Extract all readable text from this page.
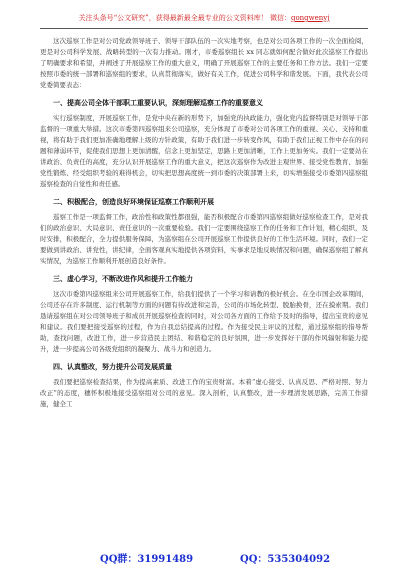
关注头条号“公文研究”，获得最新最全最专业的公文资料库！ 微信：gongwenyj

这次巡察工作是对公司党政领导班子、领导干部队伍的一次实地考察，也是对公司各项工作的一次全面检阅，更是对公司科学发展、战略转型的一次有力推动。刚才，市委巡察组长 xx 同志就如何配合做好此次巡察工作提出了明确要求和希望，并阐述了开展巡察工作的重大意义，明确了开展巡察工作的主要任务和工作方法。我们一定要按照市委的统一部署和巡察组的要求，认真贯彻落实，做好有关工作，促进公司科学和谐发展。下面，我代表公司党委简要表态：

一、提高公司全体干部职工重要认识，深刻理解巡察工作的重要意义

实行巡察制度，开展巡察工作，是党中央在新的形势下，加强党的执政能力，强化党内监督特别是对领导干部监督的一项重大举措。这次市委第四巡察组来公司巡察，充分体现了市委对公司各项工作的重视、关心、支持和重视，将有助于我们更加准确地理解上级的方针政策，有助于我们进一步转变作风，有助于我们正视工作中存在的问题和薄弱环节，促使我们思想上更加清醒，信念上更加坚定，思路上更加清晰，工作上更加务实。我们一定要站在讲政治、负责任的高度，充分认识开展巡察工作的重大意义，把这次巡察作为改进主观世界、接受党性教育、加强党性锻炼、经受组织考验的难得机会，切实把思想高度统一到市委的决策部署上来，切实增强接受市委第四巡察组巡察检查的自觉性和责任感。

二、积极配合，创造良好环境保证巡察工作顺利开展

巡察工作是一项监督工作，政治性和政策性都很强，能否积极配合市委第四巡察组做好巡察检查工作，是对我们的政治意识、大局意识、责任意识的一次重要检验。我们一定要围绕巡察工作的任务和工作计划，精心组织，及时安排，积极配合，全力提供服务保障，为巡察组在公司开展巡察工作提供良好的工作生活环境。同时，我们一定要做到讲政治、讲党性，讲纪律，全面客观真实地提供各项资料，实事求是地反映情况和问题，确保巡察组了解真实情况，为巡察工作顺利开展创造良好条件。

三、虚心学习，不断改进作风和提升工作能力

这次市委第四巡察组来公司开展巡察工作，给我们提供了一个学习和请教的极好机会。在全市国企改革期间，公司还存在许多制度、运行机制等方面的问题有待改进和完善，公司的市场化转型、脱胎换骨，还在摸索期。我们恳请巡察组在对公司领导班子和成员开展巡察检查的同时，对公司各方面的工作给予及时的指导，提出宝贵的意见和建议。我们要把接受巡察的过程，作为自我总结提高的过程。作为接受民主评议的过程，通过巡察组的指导帮助，查找问题，改进工作，进一步营造民主团结、和谐稳定的良好氛围，进一步发挥好干部的作风辐射和能力提升，进一步提高公司各级党组织的凝聚力、战斗力和创造力。

四、认真整改，努力提升公司发展质量

我们要把巡察检查结果，作为提高素质、改进工作的宝贵财富。本着“虚心接受、认真反思、严格对照、努力改正”的态度，穗怀积极地接受巡察组对公司的意见。深入剖析，认真整改，进一步理清发展思路，完善工作措施，健全工

QQ群：31991489	QQ：535304092
